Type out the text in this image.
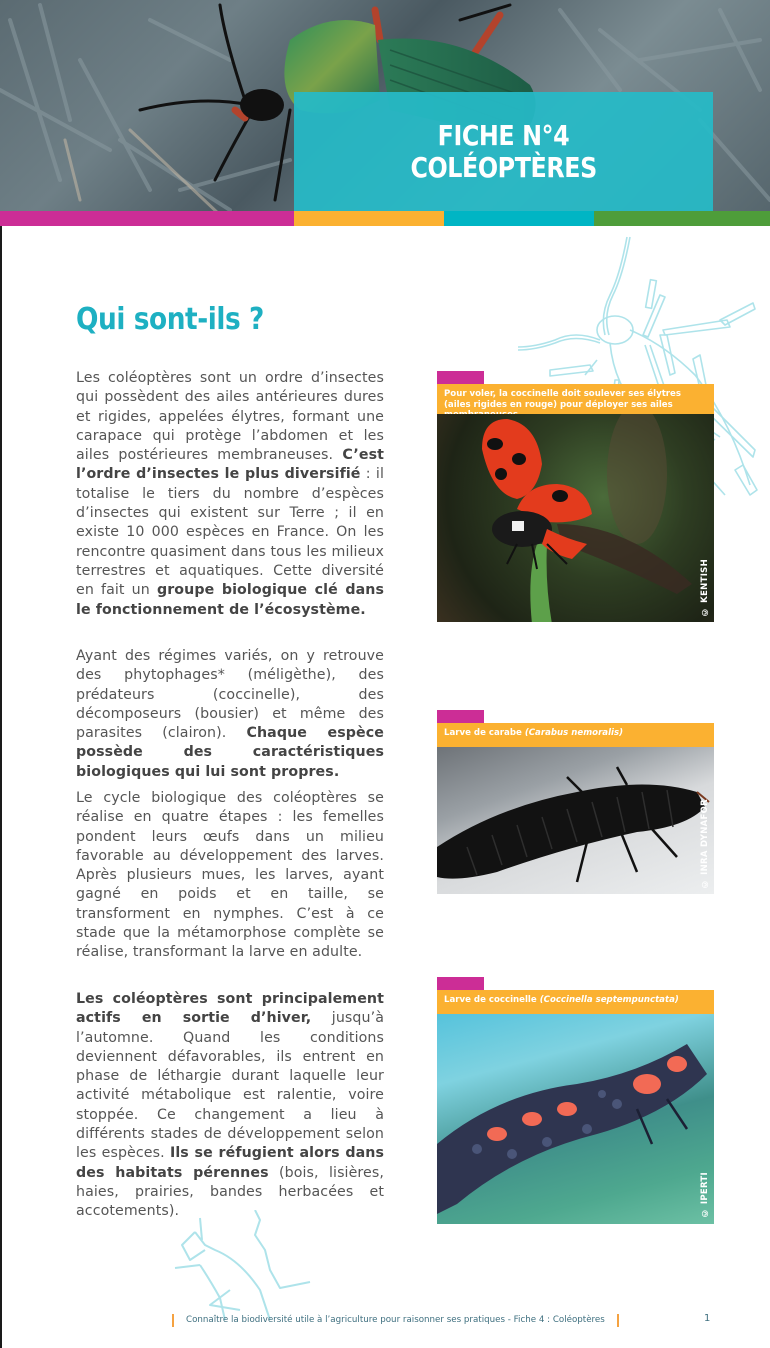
FICHE N°4
COLÉOPTÈRES
Qui sont-ils ?
Les coléoptères sont un ordre d’insectes qui possèdent des ailes antérieures dures et rigides, appelées élytres, formant une carapace qui protège l’abdomen et les ailes postérieures membraneuses. C’est l’ordre d’insectes le plus diversifié : il totalise le tiers du nombre d’espèces d’insectes qui existent sur Terre ; il en existe 10 000 espèces en France. On les rencontre quasiment dans tous les milieux terrestres et aquatiques. Cette diversité en fait un groupe biologique clé dans le fonctionnement de l’écosystème.
Ayant des régimes variés, on y retrouve des phytophages* (méligèthe), des prédateurs (coccinelle), des décomposeurs (bousier) et même des parasites (clairon). Chaque espèce possède des caractéristiques biologiques qui lui sont propres.
Le cycle biologique des coléoptères se réalise en quatre étapes : les femelles pondent leurs œufs dans un milieu favorable au développement des larves. Après plusieurs mues, les larves, ayant gagné en poids et en taille, se transforment en nymphes. C’est à ce stade que la métamorphose complète se réalise, transformant la larve en adulte.
Les coléoptères sont principalement actifs en sortie d’hiver, jusqu’à l’automne. Quand les conditions deviennent défavorables, ils entrent en phase de léthargie durant laquelle leur activité métabolique est ralentie, voire stoppée. Ce changement a lieu à différents stades de développement selon les espèces. Ils se réfugient alors dans des habitats pérennes (bois, lisières, haies, prairies, bandes herbacées et accotements).
Pour voler, la coccinelle doit soulever ses élytres (ailes rigides en rouge) pour déployer ses ailes
© KENTISH
Larve de carabe (Carabus nemoralis)
© INRA DYNAFOR
Larve de coccinelle (Coccinella septempunctata)
© IPERTI
Connaître la biodiversité utile à l’agriculture pour raisonner ses pratiques - Fiche 4 : Coléoptères	1
